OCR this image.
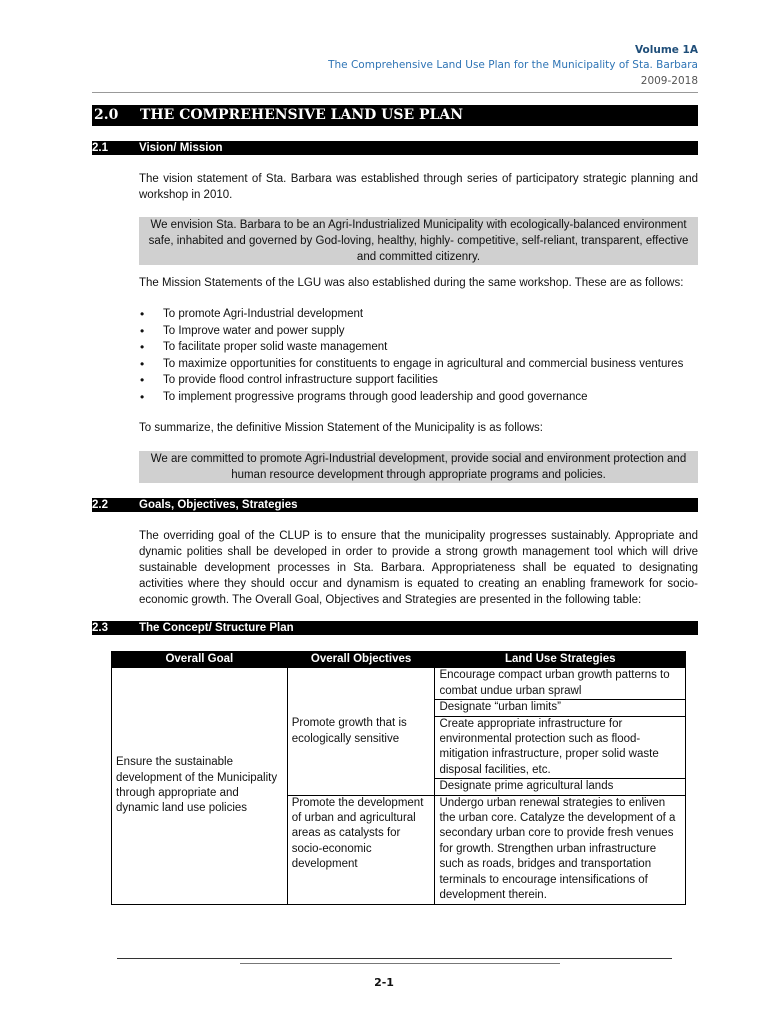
Volume 1A
The Comprehensive Land Use Plan for the Municipality of Sta. Barbara
2009-2018
2.0 THE COMPREHENSIVE LAND USE PLAN
2.1	Vision/ Mission

The vision statement of Sta. Barbara was established through series of participatory strategic planning and workshop in 2010.

We envision Sta. Barbara to be an Agri-Industrialized Municipality with ecologically-balanced environment safe, inhabited and governed by God-loving, healthy, highly- competitive, self-reliant, transparent, effective and committed citizenry.

The Mission Statements of the LGU was also established during the same workshop. These are as follows:

• To promote Agri-Industrial development
• To Improve water and power supply
• To facilitate proper solid waste management
• To maximize opportunities for constituents to engage in agricultural and commercial business ventures
• To provide flood control infrastructure support facilities
• To implement progressive programs through good leadership and good governance

To summarize, the definitive Mission Statement of the Municipality is as follows:

We are committed to promote Agri-Industrial development, provide social and environment protection and human resource development through appropriate programs and policies.
2.2	Goals, Objectives, Strategies

The overriding goal of the CLUP is to ensure that the municipality progresses sustainably. Appropriate and dynamic polities shall be developed in order to provide a strong growth management tool which will drive sustainable development processes in Sta. Barbara. Appropriateness shall be equated to designating activities where they should occur and dynamism is equated to creating an enabling framework for socio-economic growth. The Overall Goal, Objectives and Strategies are presented in the following table:

2.3	The Concept/ Structure Plan
Overall Goal	Overall Objectives	Land Use Strategies
Ensure the sustainable development of the Municipality through appropriate and dynamic land use policies	Promote growth that is ecologically sensitive	Encourage compact urban growth patterns to combat undue urban sprawl
		Designate “urban limits”
		Create appropriate infrastructure for environmental protection such as flood-mitigation infrastructure, proper solid waste disposal facilities, etc.
		Designate prime agricultural lands
	Promote the development of urban and agricultural areas as catalysts for socio-economic development	Undergo urban renewal strategies to enliven the urban core. Catalyze the development of a secondary urban core to provide fresh venues for growth. Strengthen urban infrastructure such as roads, bridges and transportation terminals to encourage intensifications of development therein.
2-1
